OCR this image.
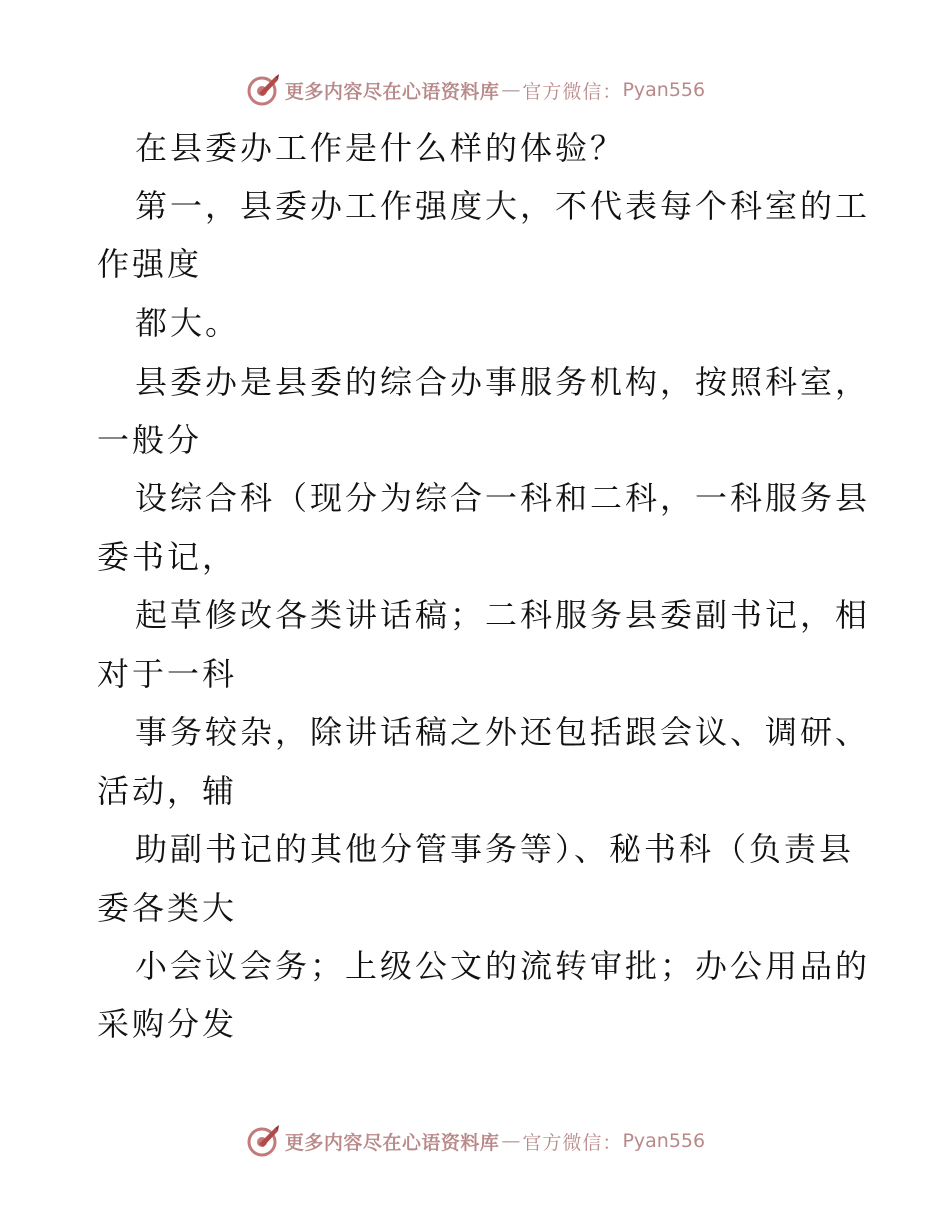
更多内容尽在心语资料库 — 官方微信： Pyan556
在县委办工作是什么样的体验？
第一，县委办工作强度大，不代表每个科室的工
作强度
都大。
县委办是县委的综合办事服务机构，按照科室，
一般分
设综合科（现分为综合一科和二科，一科服务县
委书记，
起草修改各类讲话稿；二科服务县委副书记，相
对于一科
事务较杂，除讲话稿之外还包括跟会议、调研、
活动，辅
助副书记的其他分管事务等）、秘书科（负责县
委各类大
小会议会务；上级公文的流转审批；办公用品的
采购分发
更多内容尽在心语资料库 — 官方微信： Pyan556
